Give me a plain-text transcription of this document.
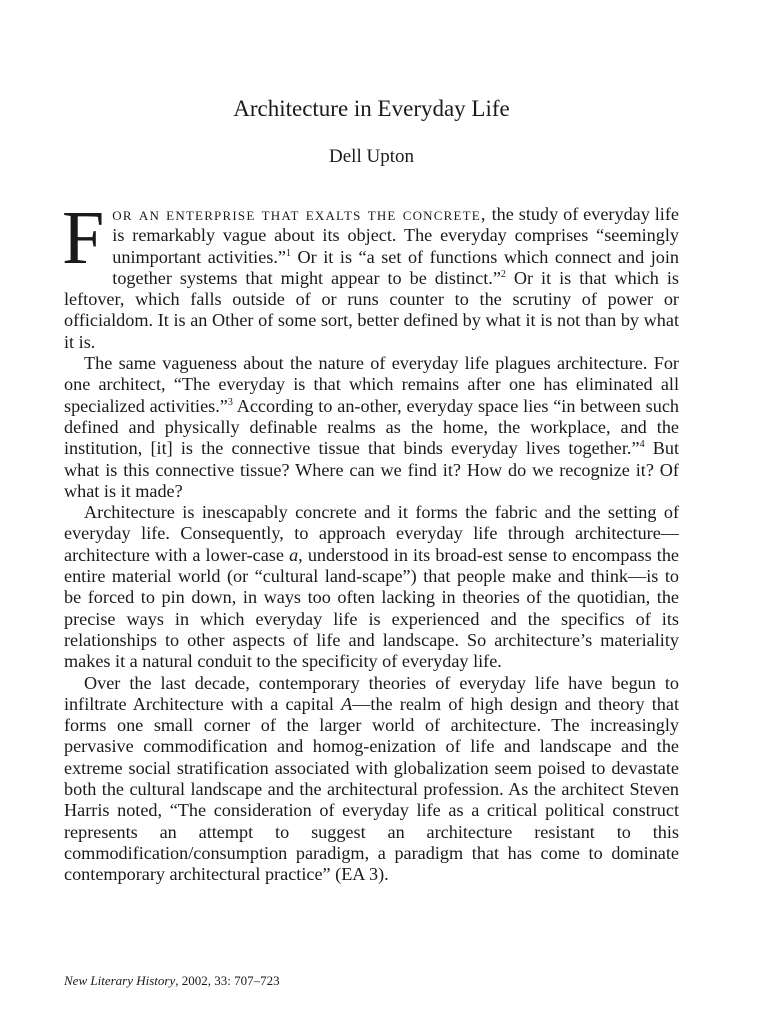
Architecture in Everyday Life
Dell Upton

For an enterprise that exalts the concrete, the study of everyday life is remarkably vague about its object. The everyday comprises “seemingly unimportant activities.”$^1$ Or it is “a set of functions which connect and join together systems that might appear to be distinct.”$^2$ Or it is that which is leftover, which falls outside of or runs counter to the scrutiny of power or officialdom. It is an Other of some sort, better defined by what it is not than by what it is.

The same vagueness about the nature of everyday life plagues architecture. For one architect, “The everyday is that which remains after one has eliminated all specialized activities.”$^3$ According to an-other, everyday space lies “in between such defined and physically definable realms as the home, the workplace, and the institution, [it] is the connective tissue that binds everyday lives together.”$^4$ But what is this connective tissue? Where can we find it? How do we recognize it? Of what is it made?

Architecture is inescapably concrete and it forms the fabric and the setting of everyday life. Consequently, to approach everyday life through architecture—architecture with a lower-case a, understood in its broad-est sense to encompass the entire material world (or “cultural land-scape”) that people make and think—is to be forced to pin down, in ways too often lacking in theories of the quotidian, the precise ways in which everyday life is experienced and the specifics of its relationships to other aspects of life and landscape. So architecture’s materiality makes it a natural conduit to the specificity of everyday life.

Over the last decade, contemporary theories of everyday life have begun to infiltrate Architecture with a capital A—the realm of high design and theory that forms one small corner of the larger world of architecture. The increasingly pervasive commodification and homog-enization of life and landscape and the extreme social stratification associated with globalization seem poised to devastate both the cultural landscape and the architectural profession. As the architect Steven Harris noted, “The consideration of everyday life as a critical political construct represents an attempt to suggest an architecture resistant to this commodification/consumption paradigm, a paradigm that has come to dominate contemporary architectural practice” (EA 3).

New Literary History, 2002, 33: 707–723
